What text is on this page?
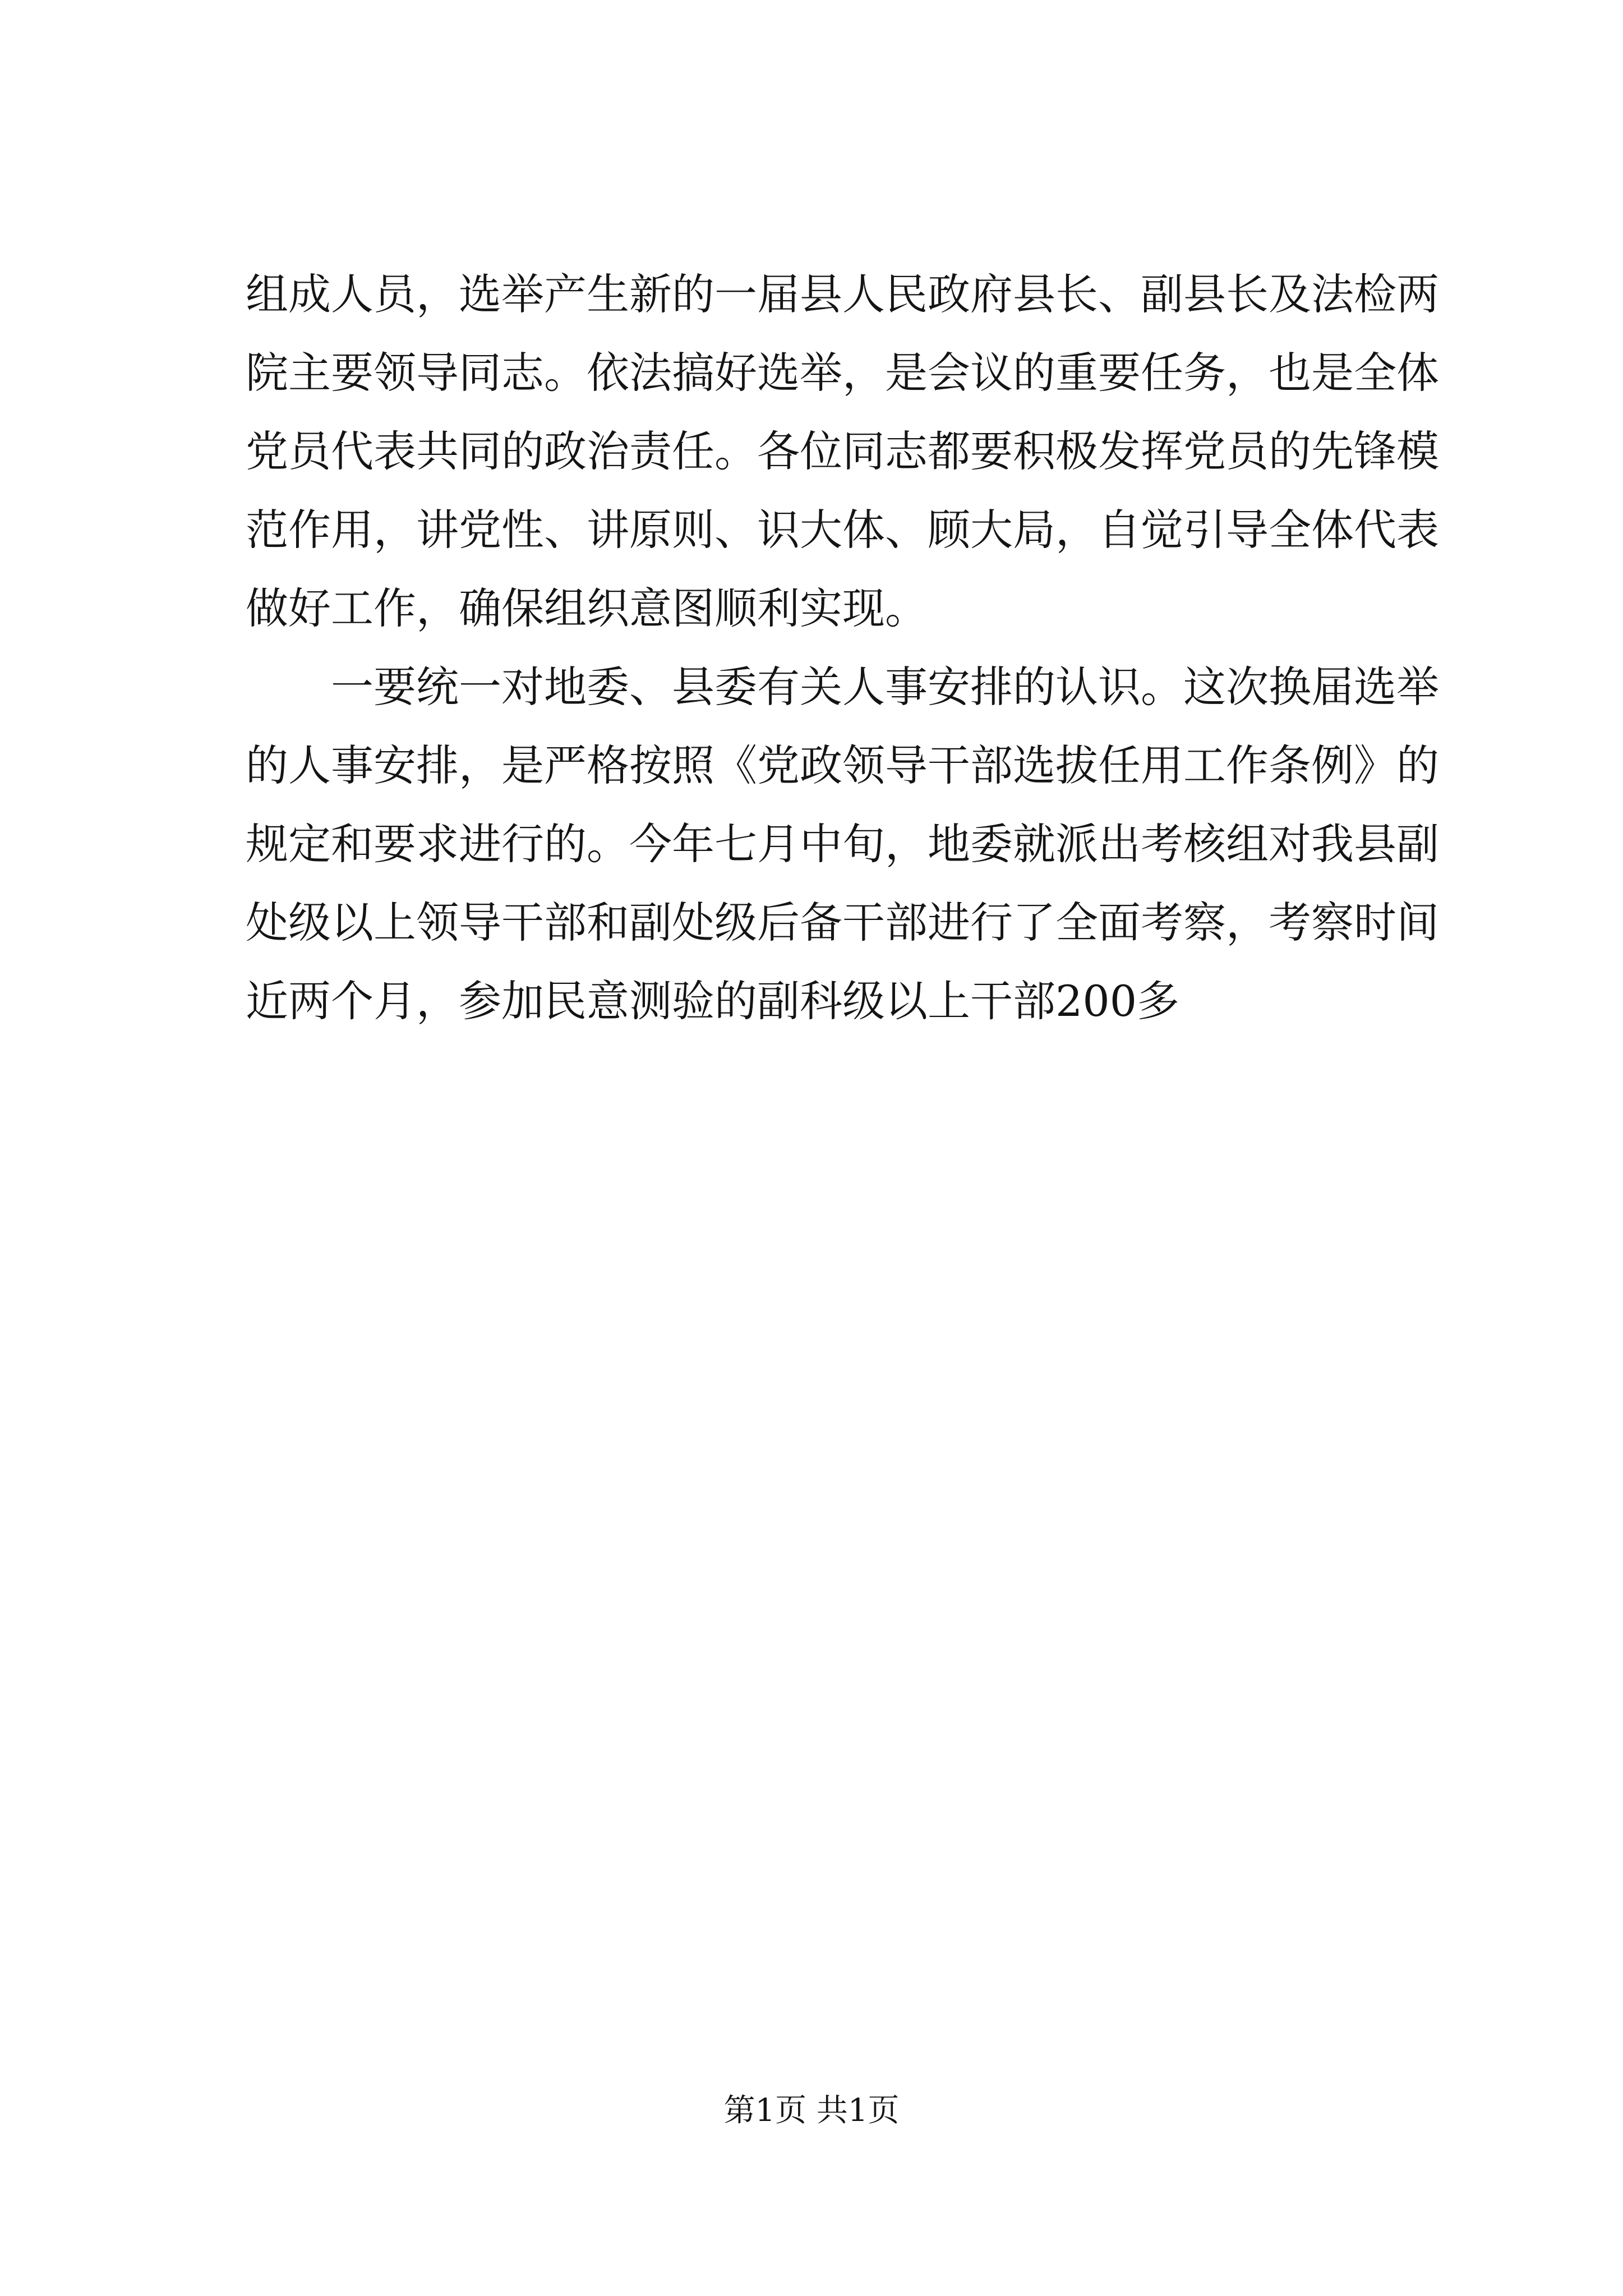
组成人员，选举产生新的一届县人民政府县长、副县长及法检两
院主要领导同志。依法搞好选举，是会议的重要任务，也是全体
党员代表共同的政治责任。各位同志都要积极发挥党员的先锋模
范作用，讲党性、讲原则、识大体、顾大局，自觉引导全体代表
做好工作，确保组织意图顺利实现。
一要统一对地委、县委有关人事安排的认识。这次换届选举
的人事安排，是严格按照《党政领导干部选拔任用工作条例》的
规定和要求进行的。今年七月中旬，地委就派出考核组对我县副
处级以上领导干部和副处级后备干部进行了全面考察，考察时间
近两个月，参加民意测验的副科级以上干部200多
第1页 共1页
